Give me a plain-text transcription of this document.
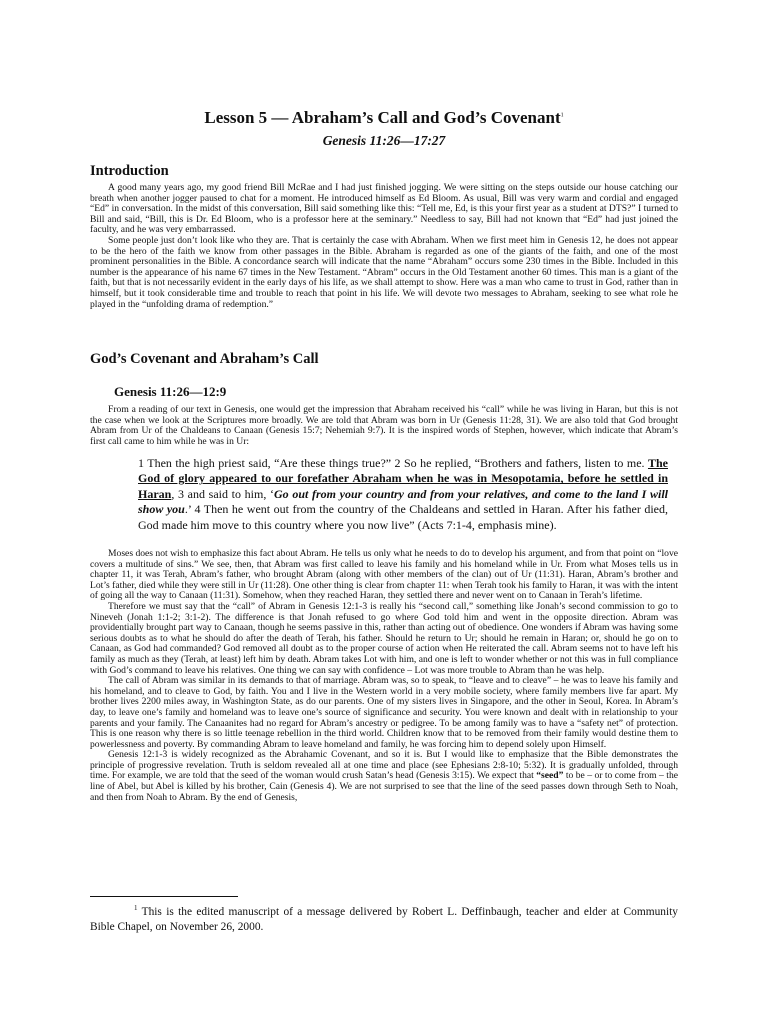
Lesson 5 — Abraham’s Call and God’s Covenant$^1$
Genesis 11:26—17:27
Introduction

A good many years ago, my good friend Bill McRae and I had just finished jogging. We were sitting on the steps outside our house catching our breath when another jogger paused to chat for a moment. He introduced himself as Ed Bloom. As usual, Bill was very warm and cordial and engaged “Ed” in conversation. In the midst of this conversation, Bill said something like this: “Tell me, Ed, is this your first year as a student at DTS?” I turned to Bill and said, “Bill, this is Dr. Ed Bloom, who is a professor here at the seminary.” Needless to say, Bill had not known that “Ed” had just joined the faculty, and he was very embarrassed.

Some people just don’t look like who they are. That is certainly the case with Abraham. When we first meet him in Genesis 12, he does not appear to be the hero of the faith we know from other passages in the Bible. Abraham is regarded as one of the giants of the faith, and one of the most prominent personalities in the Bible. A concordance search will indicate that the name “Abraham” occurs some 230 times in the Bible. Included in this number is the appearance of his name 67 times in the New Testament. “Abram” occurs in the Old Testament another 60 times. This man is a giant of the faith, but that is not necessarily evident in the early days of his life, as we shall attempt to show. Here was a man who came to trust in God, rather than in himself, but it took considerable time and trouble to reach that point in his life. We will devote two messages to Abraham, seeking to see what role he played in the “unfolding drama of redemption.”

God’s Covenant and Abraham’s Call
Genesis 11:26—12:9

From a reading of our text in Genesis, one would get the impression that Abraham received his “call” while he was living in Haran, but this is not the case when we look at the Scriptures more broadly. We are told that Abram was born in Ur (Genesis 11:28, 31). We are also told that God brought Abram from Ur of the Chaldeans to Canaan (Genesis 15:7; Nehemiah 9:7). It is the inspired words of Stephen, however, which indicate that Abram’s first call came to him while he was in Ur:

1 Then the high priest said, “Are these things true?” 2 So he replied, “Brothers and fathers, listen to me. The God of glory appeared to our forefather Abraham when he was in Mesopotamia, before he settled in Haran, 3 and said to him, ‘Go out from your country and from your relatives, and come to the land I will show you.’ 4 Then he went out from the country of the Chaldeans and settled in Haran. After his father died, God made him move to this country where you now live” (Acts 7:1-4, emphasis mine).

Moses does not wish to emphasize this fact about Abram. He tells us only what he needs to do to develop his argument, and from that point on “love covers a multitude of sins.” We see, then, that Abram was first called to leave his family and his homeland while in Ur. From what Moses tells us in chapter 11, it was Terah, Abram’s father, who brought Abram (along with other members of the clan) out of Ur (11:31). Haran, Abram’s brother and Lot’s father, died while they were still in Ur (11:28). One other thing is clear from chapter 11: when Terah took his family to Haran, it was with the intent of going all the way to Canaan (11:31). Somehow, when they reached Haran, they settled there and never went on to Canaan in Terah’s lifetime.

Therefore we must say that the “call” of Abram in Genesis 12:1-3 is really his “second call,” something like Jonah’s second commission to go to Nineveh (Jonah 1:1-2; 3:1-2). The difference is that Jonah refused to go where God told him and went in the opposite direction. Abram was providentially brought part way to Canaan, though he seems passive in this, rather than acting out of obedience. One wonders if Abram was having some serious doubts as to what he should do after the death of Terah, his father. Should he return to Ur; should he remain in Haran; or, should he go on to Canaan, as God had commanded? God removed all doubt as to the proper course of action when He reiterated the call. Abram seems not to have left his family as much as they (Terah, at least) left him by death. Abram takes Lot with him, and one is left to wonder whether or not this was in full compliance with God’s command to leave his relatives. One thing we can say with confidence – Lot was more trouble to Abram than he was help.

The call of Abram was similar in its demands to that of marriage. Abram was, so to speak, to “leave and to cleave” – he was to leave his family and his homeland, and to cleave to God, by faith. You and I live in the Western world in a very mobile society, where family members live far apart. My brother lives 2200 miles away, in Washington State, as do our parents. One of my sisters lives in Singapore, and the other in Seoul, Korea. In Abram’s day, to leave one’s family and homeland was to leave one’s source of significance and security. You were known and dealt with in relationship to your parents and your family. The Canaanites had no regard for Abram’s ancestry or pedigree. To be among family was to have a “safety net” of protection. This is one reason why there is so little teenage rebellion in the third world. Children know that to be removed from their family would destine them to powerlessness and poverty. By commanding Abram to leave homeland and family, he was forcing him to depend solely upon Himself.

Genesis 12:1-3 is widely recognized as the Abrahamic Covenant, and so it is. But I would like to emphasize that the Bible demonstrates the principle of progressive revelation. Truth is seldom revealed all at one time and place (see Ephesians 2:8-10; 5:32). It is gradually unfolded, through time. For example, we are told that the seed of the woman would crush Satan’s head (Genesis 3:15). We expect that “seed” to be – or to come from – the line of Abel, but Abel is killed by his brother, Cain (Genesis 4). We are not surprised to see that the line of the seed passes down through Seth to Noah, and then from Noah to Abram. By the end of Genesis,

$^1$ This is the edited manuscript of a message delivered by Robert L. Deffinbaugh, teacher and elder at Community Bible Chapel, on November 26, 2000.
